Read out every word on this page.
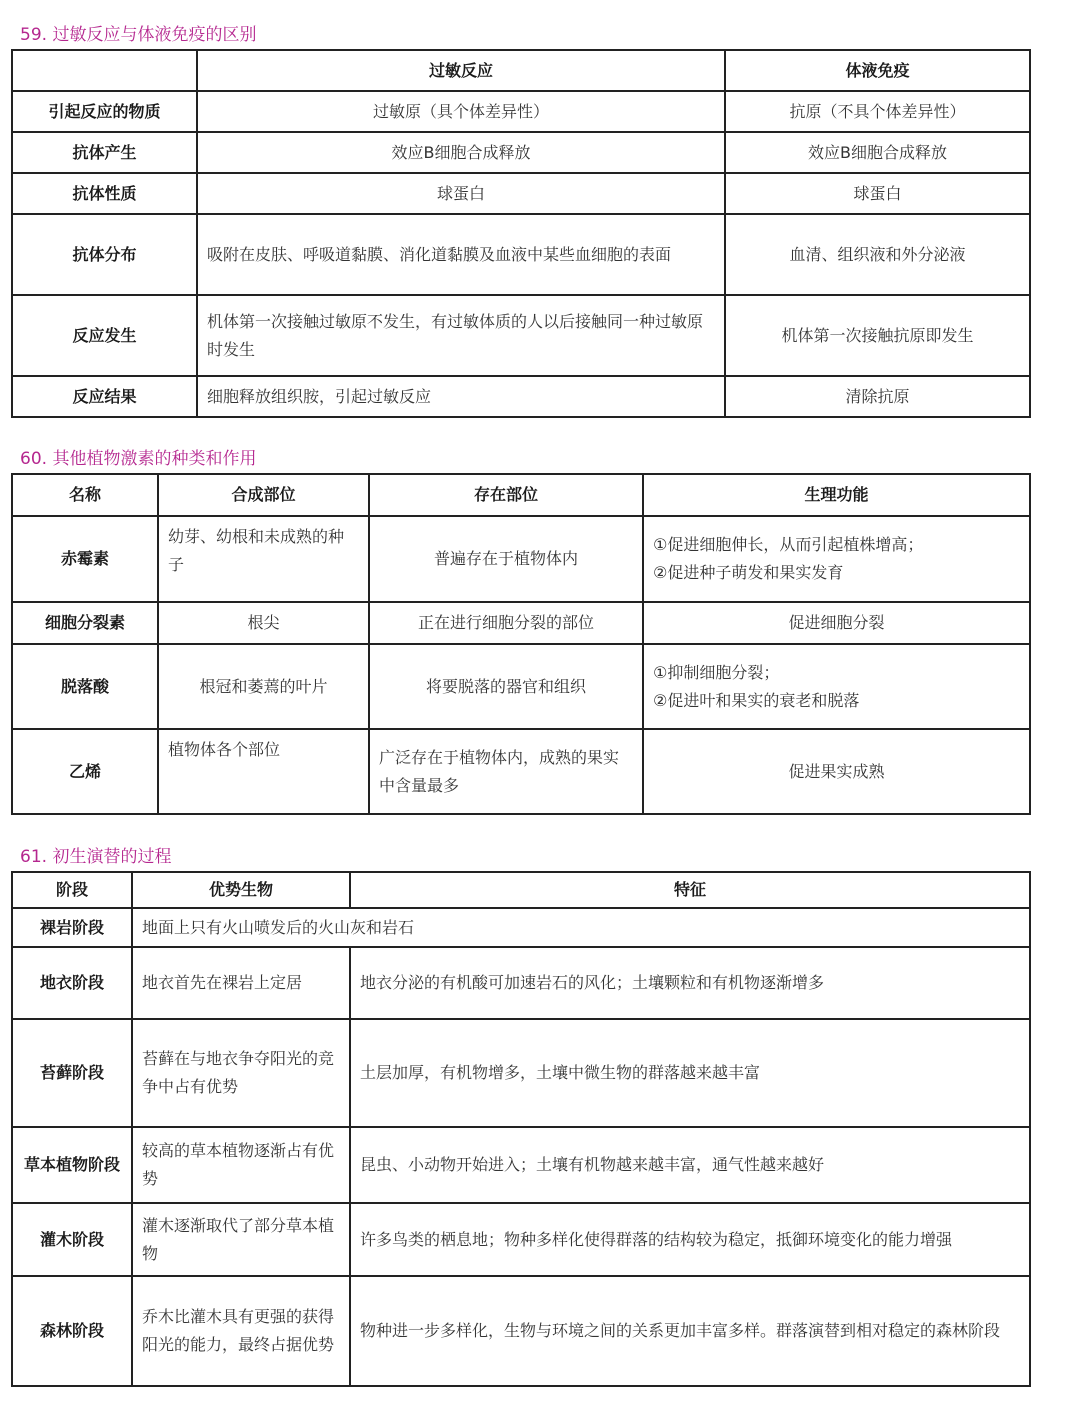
59. 过敏反应与体液免疫的区别
	过敏反应	体液免疫
引起反应的物质	过敏原（具个体差异性）	抗原（不具个体差异性）
抗体产生	效应B细胞合成释放	效应B细胞合成释放
抗体性质	球蛋白	球蛋白
抗体分布	吸附在皮肤、呼吸道黏膜、消化道黏膜及血液中某些血细胞的表面	血清、组织液和外分泌液
反应发生	机体第一次接触过敏原不发生，有过敏体质的人以后接触同一种过敏原时发生	机体第一次接触抗原即发生
反应结果	细胞释放组织胺，引起过敏反应	清除抗原
60. 其他植物激素的种类和作用
名称	合成部位	存在部位	生理功能
赤霉素	幼芽、幼根和未成熟的种子	普遍存在于植物体内	①促进细胞伸长，从而引起植株增高；
②促进种子萌发和果实发育

细胞分裂素	根尖	正在进行细胞分裂的部位	促进细胞分裂
脱落酸	根冠和萎蔫的叶片	将要脱落的器官和组织	①抑制细胞分裂；
②促进叶和果实的衰老和脱落

乙烯	植物体各个部位	广泛存在于植物体内，成熟的果实中含量最多	促进果实成熟
61. 初生演替的过程
阶段	优势生物	特征
裸岩阶段	地面上只有火山喷发后的火山灰和岩石	
地衣阶段	地衣首先在裸岩上定居	地衣分泌的有机酸可加速岩石的风化；土壤颗粒和有机物逐渐增多
苔藓阶段	苔藓在与地衣争夺阳光的竞争中占有优势	土层加厚，有机物增多，土壤中微生物的群落越来越丰富
草本植物阶段	较高的草本植物逐渐占有优势	昆虫、小动物开始进入；土壤有机物越来越丰富，通气性越来越好
灌木阶段	灌木逐渐取代了部分草本植物	许多鸟类的栖息地；物种多样化使得群落的结构较为稳定，抵御环境变化的能力增强
森林阶段	乔木比灌木具有更强的获得阳光的能力，最终占据优势	物种进一步多样化，生物与环境之间的关系更加丰富多样。群落演替到相对稳定的森林阶段
